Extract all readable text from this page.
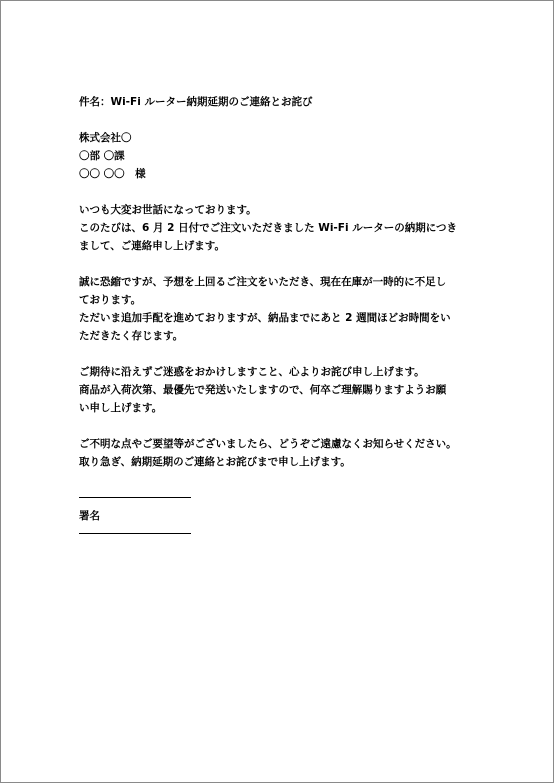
件名：Wi-Fi ルーター納期延期のご連絡とお詫び
株式会社〇
〇部 〇課
〇〇 〇〇　様
いつも大変お世話になっております。
このたびは、6 月 2 日付でご注文いただきました Wi-Fi ルーターの納期につき
まして、ご連絡申し上げます。
誠に恐縮ですが、予想を上回るご注文をいただき、現在在庫が一時的に不足し
ております。
ただいま追加手配を進めておりますが、納品までにあと 2 週間ほどお時間をい
ただきたく存じます。
ご期待に沿えずご迷惑をおかけしますこと、心よりお詫び申し上げます。
商品が入荷次第、最優先で発送いたしますので、何卒ご理解賜りますようお願
い申し上げます。
ご不明な点やご要望等がございましたら、どうぞご遠慮なくお知らせください。
取り急ぎ、納期延期のご連絡とお詫びまで申し上げます。
署名
